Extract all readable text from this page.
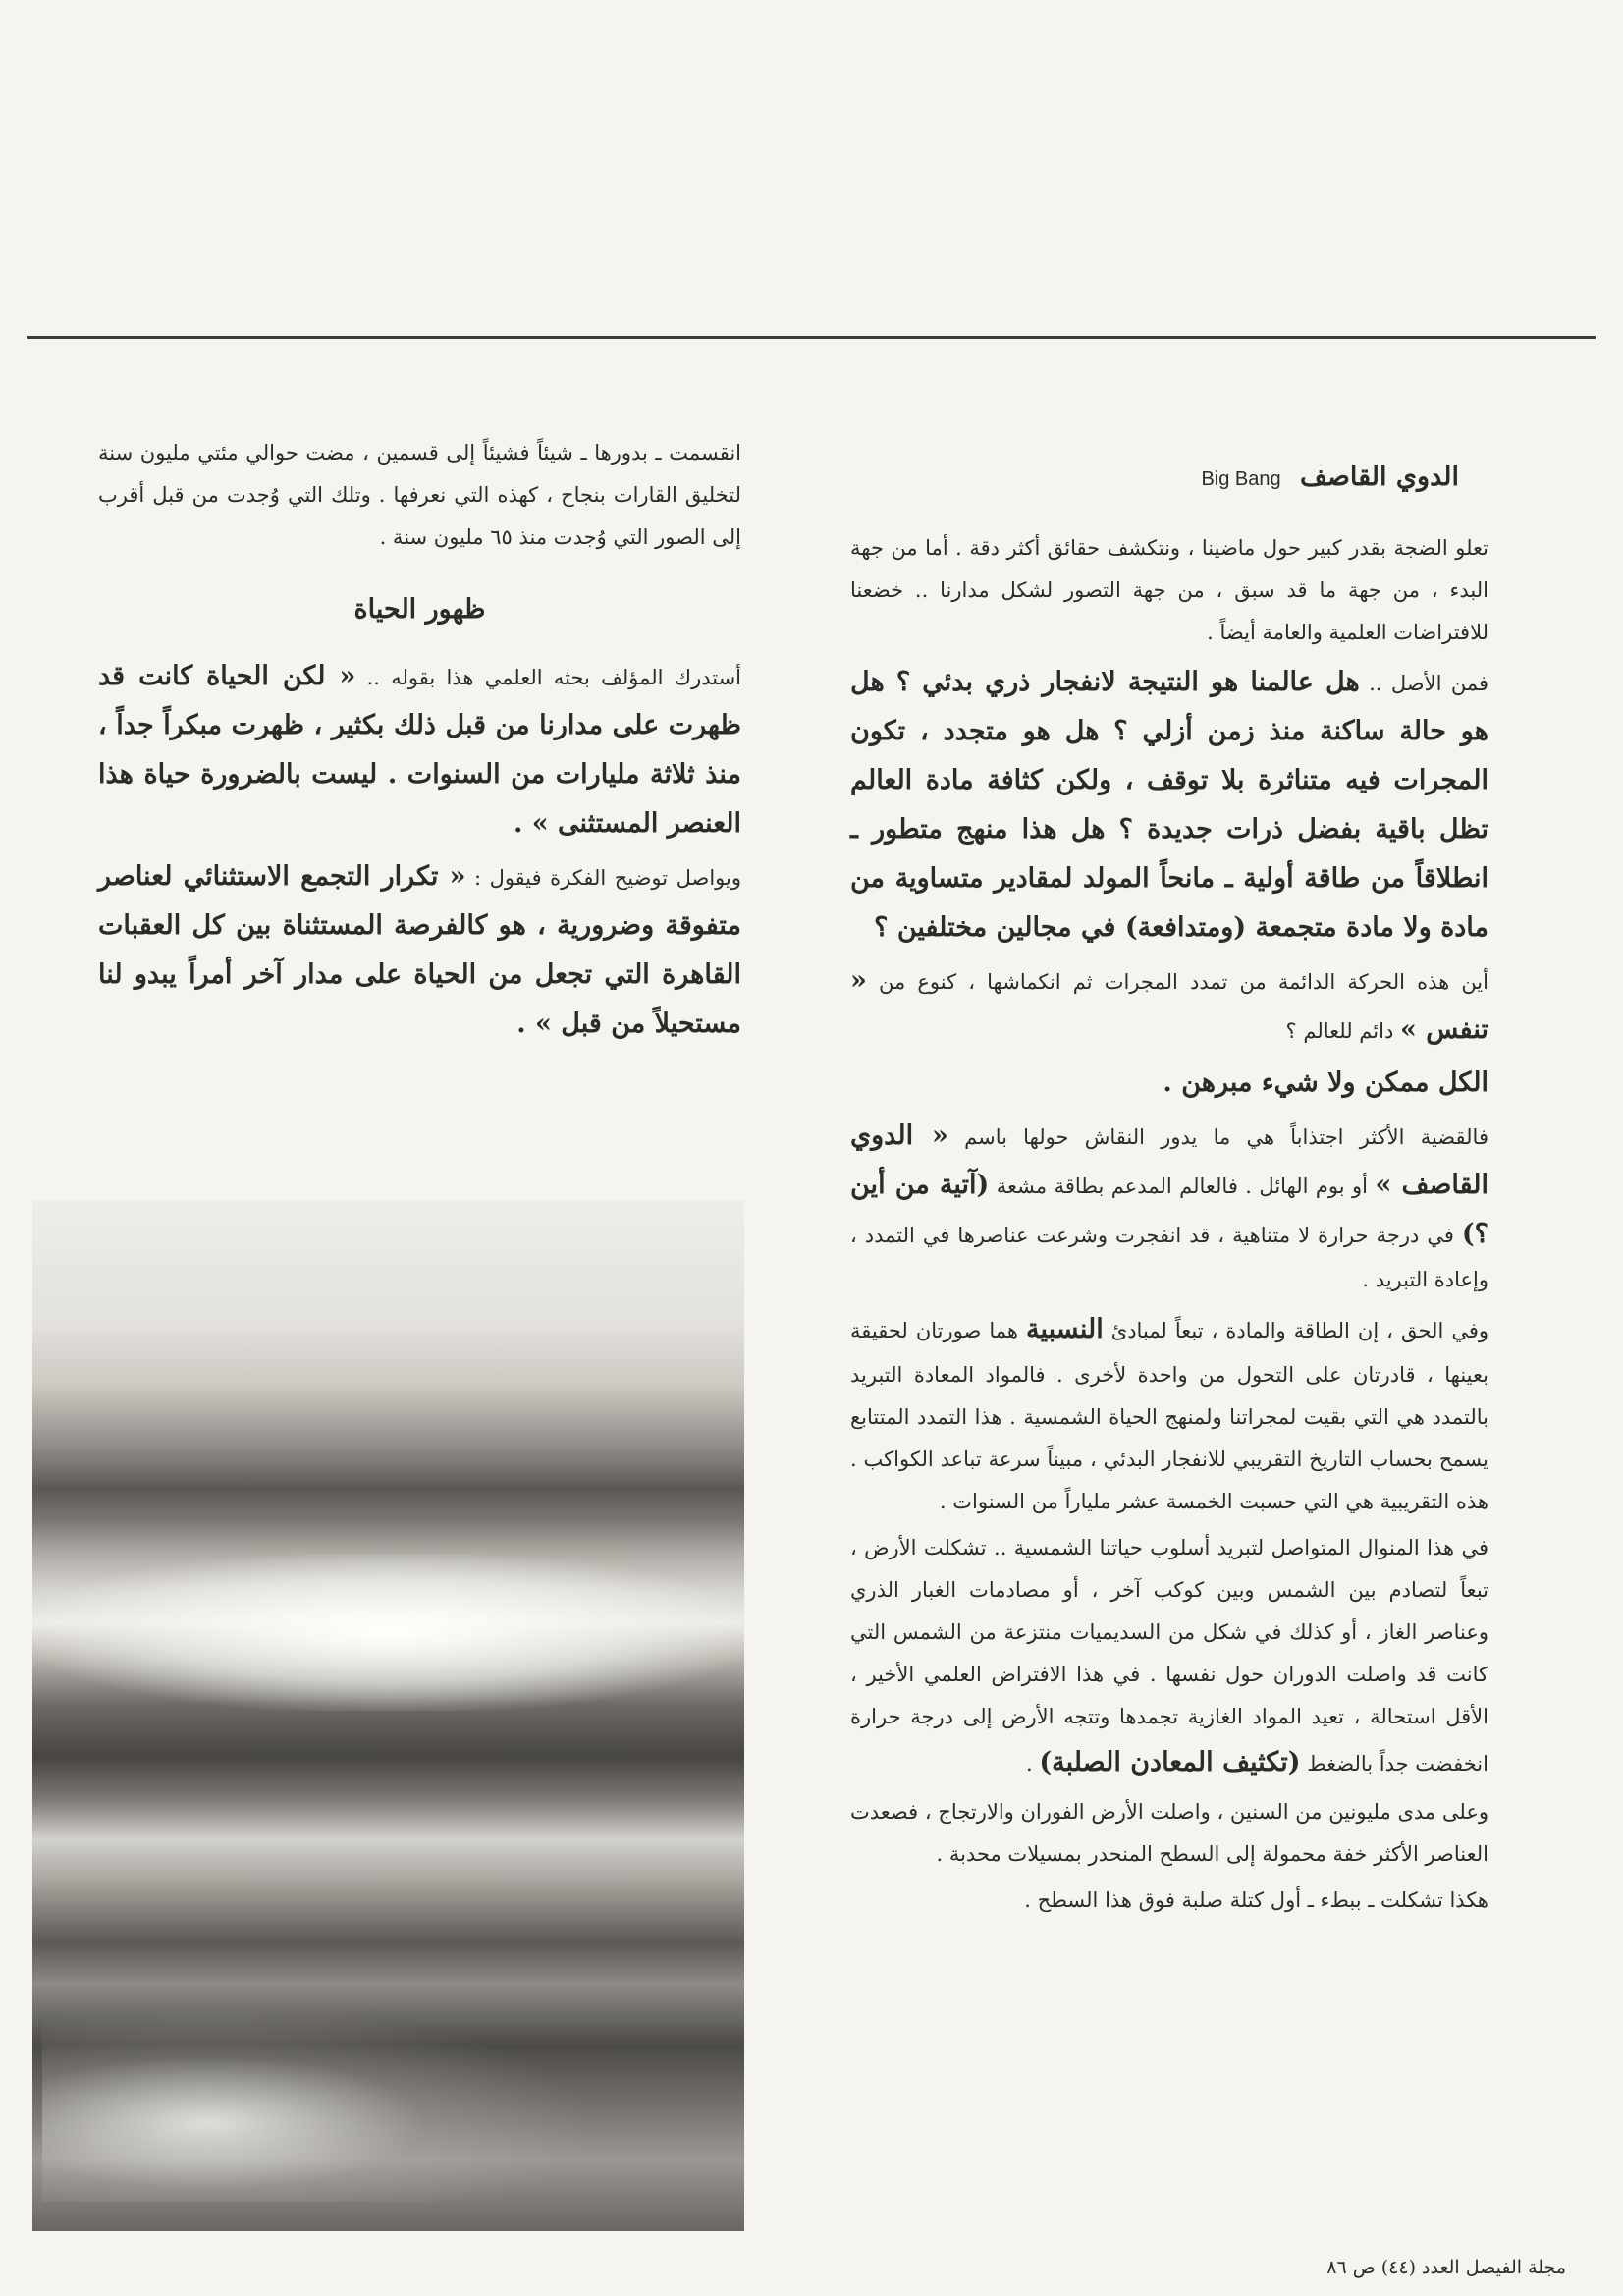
الدوي القاصف Big Bang

تعلو الضجة بقدر كبير حول ماضينا ، ونتكشف حقائق أكثر دقة . أما من جهة البدء ، من جهة ما قد سبق ، من جهة التصور لشكل مدارنا .. خضعنا للافتراضات العلمية والعامة أيضاً .

فمن الأصل .. هل عالمنا هو النتيجة لانفجار ذري بدئي ؟ هل هو حالة ساكنة منذ زمن أزلي ؟ هل هو متجدد ، تكون المجرات فيه متناثرة بلا توقف ، ولكن كثافة مادة العالم تظل باقية بفضل ذرات جديدة ؟ هل هذا منهج متطور ـ انطلاقاً من طاقة أولية ـ مانحاً المولد لمقادير متساوية من مادة ولا مادة متجمعة (ومتدافعة) في مجالين مختلفين ؟

أين هذه الحركة الدائمة من تمدد المجرات ثم انكماشها ، كنوع من « تنفس » دائم للعالم ؟

الكل ممكن ولا شيء مبرهن .

فالقضية الأكثر اجتذاباً هي ما يدور النقاش حولها باسم « الدوي القاصف » أو بوم الهائل . فالعالم المدعم بطاقة مشعة (آتية من أين ؟) في درجة حرارة لا متناهية ، قد انفجرت وشرعت عناصرها في التمدد ، وإعادة التبريد .

وفي الحق ، إن الطاقة والمادة ، تبعاً لمبادئ النسبية هما صورتان لحقيقة بعينها ، قادرتان على التحول من واحدة لأخرى . فالمواد المعادة التبريد بالتمدد هي التي بقيت لمجراتنا ولمنهج الحياة الشمسية . هذا التمدد المتتابع يسمح بحساب التاريخ التقريبي للانفجار البدئي ، مبيناً سرعة تباعد الكواكب . هذه التقريبية هي التي حسبت الخمسة عشر ملياراً من السنوات .

في هذا المنوال المتواصل لتبريد أسلوب حياتنا الشمسية .. تشكلت الأرض ، تبعاً لتصادم بين الشمس وبين كوكب آخر ، أو مصادمات الغبار الذري وعناصر الغاز ، أو كذلك في شكل من السديميات منتزعة من الشمس التي كانت قد واصلت الدوران حول نفسها . في هذا الافتراض العلمي الأخير ، الأقل استحالة ، تعيد المواد الغازية تجمدها وتتجه الأرض إلى درجة حرارة انخفضت جداً بالضغط (تكثيف المعادن الصلبة) .

وعلى مدى مليونين من السنين ، واصلت الأرض الفوران والارتجاج ، فصعدت العناصر الأكثر خفة محمولة إلى السطح المنحدر بمسيلات محدبة .

هكذا تشكلت ـ ببطء ـ أول كتلة صلبة فوق هذا السطح .

انقسمت ـ بدورها ـ شيئاً فشيئاً إلى قسمين ، مضت حوالي مئتي مليون سنة لتخليق القارات بنجاح ، كهذه التي نعرفها . وتلك التي وُجدت من قبل أقرب إلى الصور التي وُجدت منذ ٦٥ مليون سنة .

ظهور الحياة

أستدرك المؤلف بحثه العلمي هذا بقوله .. « لكن الحياة كانت قد ظهرت على مدارنا من قبل ذلك بكثير ، ظهرت مبكراً جداً ، منذ ثلاثة مليارات من السنوات . ليست بالضرورة حياة هذا العنصر المستثنى » .

ويواصل توضيح الفكرة فيقول : « تكرار التجمع الاستثنائي لعناصر متفوقة وضرورية ، هو كالفرصة المستثناة بين كل العقبات القاهرة التي تجعل من الحياة على مدار آخر أمراً يبدو لنا مستحيلاً من قبل » .

مجلة الفيصل العدد (٤٤) ص ٨٦
